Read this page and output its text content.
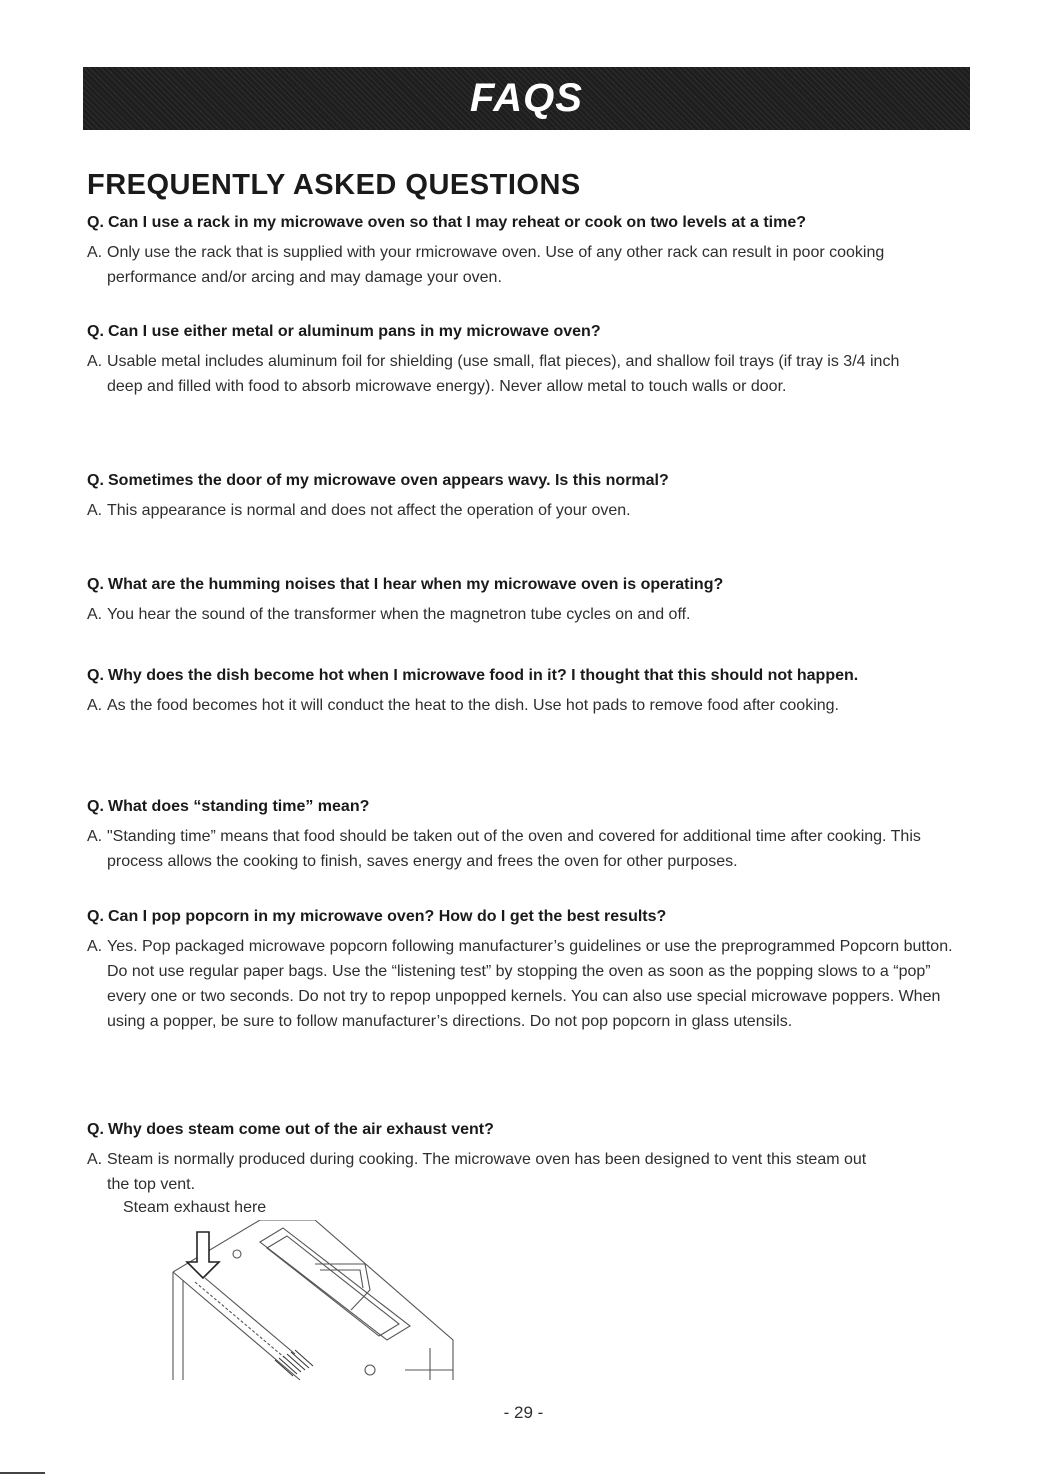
FAQS
FREQUENTLY ASKED QUESTIONS
Q. Can I use a rack in my microwave oven so that I may reheat or cook on two levels at a time?
A. Only use the rack that is supplied with your rmicrowave oven. Use of any other rack can result in poor cooking performance and/or arcing and may damage your oven.

Q. Can I use either metal or aluminum pans in my microwave oven?
A. Usable metal includes aluminum foil for shielding (use small, flat pieces), and shallow foil trays (if tray is 3/4 inch deep and filled with food to absorb microwave energy). Never allow metal to touch walls or door.

Q. Sometimes the door of my microwave oven appears wavy. Is this normal?
A. This appearance is normal and does not affect the operation of your oven.

Q. What are the humming noises that I hear when my microwave oven is operating?
A. You hear the sound of the transformer when the magnetron tube cycles on and off.

Q. Why does the dish become hot when I microwave food in it? I thought that this should not happen.
A. As the food becomes hot it will conduct the heat to the dish. Use hot pads to remove food after cooking.

Q. What does “standing time” mean?
A. "Standing time” means that food should be taken out of the oven and covered for additional time after cooking. This process allows the cooking to finish, saves energy and frees the oven for other purposes.

Q. Can I pop popcorn in my microwave oven? How do I get the best results?
A. Yes. Pop packaged microwave popcorn following manufacturer’s guidelines or use the preprogrammed Popcorn button.

Do not use regular paper bags. Use the “listening test” by stopping the oven as soon as the popping slows to a “pop” every one or two seconds. Do not try to repop unpopped kernels. You can also use special microwave poppers. When using a popper, be sure to follow manufacturer’s directions. Do not pop popcorn in glass utensils.

Q. Why does steam come out of the air exhaust vent?
A. Steam is normally produced during cooking. The microwave oven has been designed to vent this steam out the top vent.

Steam exhaust here
- 29 -
